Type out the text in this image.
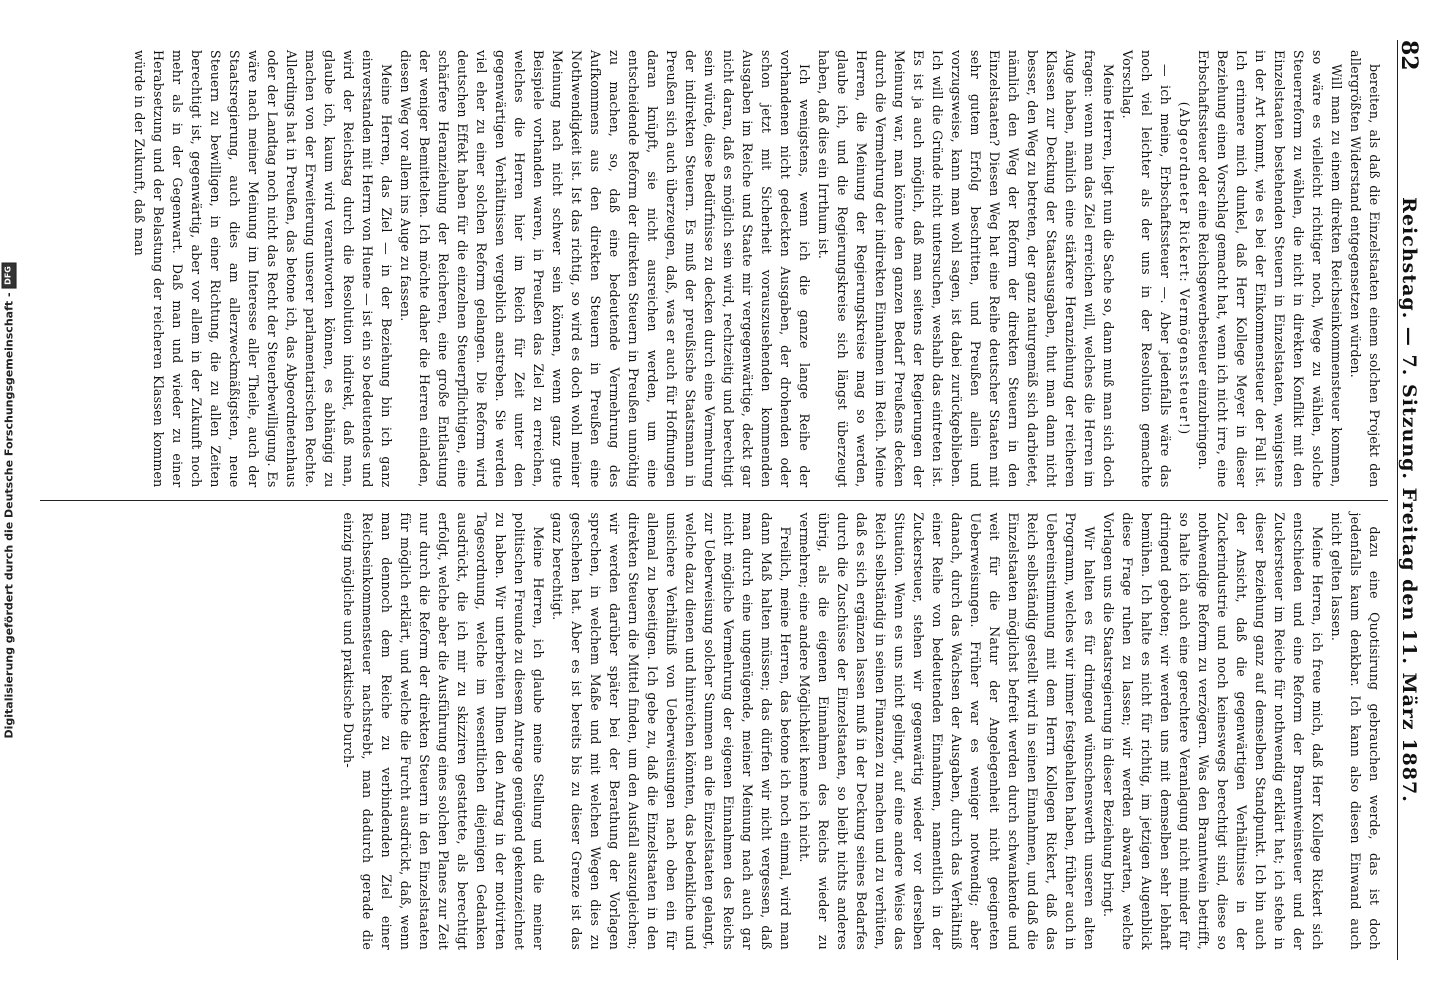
82
Reichstag. — 7. Sitzung. Freitag den 11. März 1887.

bereiten, als daß die Einzelstaaten einem solchen Projekt den allergrößten Widerstand entgegensetzen würden.

Will man zu einem direkten Reichseinkommensteuer kommen, so wäre es vielleicht richtiger noch, Wege zu wählen, solche Steuerreform zu wählen, die nicht in direkten Konflikt mit den Einzelstaaten bestehenden Steuern in Einzelstaaten, wenigstens in der Art kommt, wie es bei der Einkommensteuer der Fall ist. Ich erinnere mich dunkel, daß Herr Kollege Meyer in dieser Beziehung einen Vorschlag gemacht hat, wenn ich nicht irre, eine Erbschaftssteuer oder eine Reichsgewerbesteuer einzubringen.

(Abgeordneter Rickert: Vermögenssteuer!)

— ich meine, Erbschaftssteuer —. Aber jedenfalls wäre das noch viel leichter als der uns in der Resolution gemachte Vorschlag.

Meine Herren, liegt nun die Sache so, dann muß man sich doch fragen: wenn man das Ziel erreichen will, welches die Herren im Auge haben, nämlich eine stärkere Heranziehung der reicheren Klassen zur Deckung der Staatsausgaben, thut man dann nicht besser, den Weg zu betreten, der ganz naturgemäß sich darbietet, nämlich den Weg der Reform der direkten Steuern in den Einzelstaaten? Diesen Weg hat eine Reihe deutscher Staaten mit sehr gutem Erfolg beschritten, und Preußen allein und vorzugsweise, kann man wohl sagen, ist dabei zurückgeblieben. Ich will die Gründe nicht untersuchen, weshalb das eintreten ist. Es ist ja auch möglich, daß man seitens der Regierungen der Meinung war, man könnte den ganzen Bedarf Preußens decken durch die Vermehrung der indirekten Einnahmen im Reich. Meine Herren, die Meinung der Regierungskreise mag so werden, glaube ich, und die Regierungskreise sich längst überzeugt haben, daß dies ein Irrthum ist.

Ich wenigstens, wenn ich die ganze lange Reihe der vorhandenen nicht gedeckten Ausgaben, der drohenden oder schon jetzt mit Sicherheit vorauszusehenden kommenden Ausgaben im Reiche und Staate mir vergegenwärtige, deckt gar nicht daran, daß es möglich sein wird, rechtzeitig und berechtigt sein würde, diese Bedürfnisse zu decken durch eine Vermehrung der indirekten Steuern. Es muß der preußische Staatsmann in Preußen sich auch überzeugen, daß, was er auch für Hoffnungen daran knüpft, sie nicht ausreichen werden, um eine entscheidende Reform der direkten Steuern in Preußen unnöthig zu machen, so, daß eine bedeutende Vermehrung des Aufkommens aus den direkten Steuern in Preußen eine Nothwendigkeit ist. Ist das richtig, so wird es doch wohl meiner Meinung nach nicht schwer sein können, wenn ganz gute Beispiele vorhanden waren, in Preußen das Ziel zu erreichen, welches die Herren hier im Reich für Zeit unter den gegenwärtigen Verhältnissen vergeblich anstreben. Sie werden viel eher zu einer solchen Reform gelangen. Die Reform wird deutschen Effekt haben für die einzelnen Steuerpflichtigen, eine schärfere Heranziehung der Reicheren, eine große Entlastung der weniger Bemittelten. Ich möchte daher die Herren einladen, diesen Weg vor allem ins Auge zu fassen.

Meine Herren, das Ziel — in der Beziehung bin ich ganz einverstanden mit Herrn von Huene — ist ein so bedeutendes und wird der Reichstag durch die Resolution indirekt, daß man, glaube ich, kaum wird verantworten können, es abhängig zu machen von der Erweiterung unserer parlamentarischen Rechte. Allerdings hat in Preußen, das betone ich, das Abgeordnetenhaus oder der Landtag noch nicht das Recht der Steuerbewilligung. Es wäre nach meiner Meinung im Interesse aller Theile, auch der Staatsregierung, auch dies am allerzweckmäßigsten, neue Steuern zu bewilligen, in einer Richtung, die zu allen Zeiten berechtigt ist, gegenwärtig, aber vor allem in der Zukunft noch mehr als in der Gegenwart. Daß man und wieder zu einer Herabsetzung und der Belastung der reicheren Klassen kommen würde in der Zukunft, daß man

dazu eine Quotisirung gebrauchen werde, das ist doch jedenfalls kaum denkbar. Ich kann also diesen Einwand auch nicht gelten lassen.

Meine Herren, ich freue mich, daß Herr Kollege Rickert sich entschieden und eine Reform der Branntweinsteuer und der Zuckersteuer im Reiche für nothwendig erklärt hat; ich stehe in dieser Beziehung ganz auf demselben Standpunkt. Ich bin auch der Ansicht, daß die gegenwärtigen Verhältnisse in der Zuckerindustrie und noch keineswegs berechtigt sind, diese so nothwendige Reform zu verzögern. Was den Branntwein betrifft, so halte ich auch eine gerechtere Veranlagung nicht minder für dringend geboten; wir werden uns mit demselben sehr lebhaft bemühen. Ich halte es nicht für richtig, im jetzigen Augenblick diese Frage ruhen zu lassen; wir werden abwarten, welche Vorlagen uns die Staatsregierung in dieser Beziehung bringt.

Wir halten es für dringend wünschenswerth unseren alten Programm, welches wir immer festgehalten haben, früher auch in Uebereinstimmung mit dem Herrn Kollegen Rickert, daß das Reich selbständig gestellt wird in seinen Einnahmen, und daß die Einzelstaaten möglichst befreit werden durch schwankende und weit für die Natur der Angelegenheit nicht geeigneten Ueberweisungen. Früher war es weniger notwendig; aber danach, durch das Wachsen der Ausgaben, durch das Verhältniß einer Reihe von bedeutenden Einnahmen, namentlich in der Zuckersteuer, stehen wir gegenwärtig wieder vor derselben Situation. Wenn es uns nicht gelingt, auf eine andere Weise das Reich selbständig in seinen Finanzen zu machen und zu verhüten, daß es sich ergänzen lassen muß in der Deckung seines Bedarfes durch die Zuschüsse der Einzelstaaten, so bleibt nichts anderes übrig, als die eigenen Einnahmen des Reichs wieder zu vermehren; eine andere Möglichkeit kenne ich nicht.

Freilich, meine Herren, das betone ich noch einmal, wird man dann Maß halten müssen; das dürfen wir nicht vergessen, daß man durch eine ungenügende, meiner Meinung nach auch gar nicht mögliche Vermehrung der eigenen Einnahmen des Reichs zur Ueberweisung solcher Summen an die Einzelstaaten gelangt, welche dazu dienen und hinreichen könnten, das bedenkliche und unsichere Verhältniß von Ueberweisungen nach oben ein für allemal zu beseitigen. Ich gebe zu, daß die Einzelstaaten in den direkten Steuern die Mittel finden, um den Ausfall auszugleichen; wir werden darüber später bei der Berathung der Vorlagen sprechen, in welchem Maße und mit welchen Wegen dies zu geschehen hat. Aber es ist bereits bis zu dieser Grenze ist das ganz berechtigt.

Meine Herren, ich glaube meine Stellung und die meiner politischen Freunde zu diesem Antrage genügend gekennzeichnet zu haben. Wir unterbreiten Ihnen den Antrag in der motivirten Tagesordnung, welche im wesentlichen diejenigen Gedanken ausdrückt, die ich mir zu skizziren gestattete, als berechtigt erfolgt, welche aber die Ausführung eines solchen Planes zur Zeit nur durch die Reform der direkten Steuern in den Einzelstaaten für möglich erklärt, und welche die Furcht ausdrückt, daß, wenn man dennoch dem Reiche zu verbindenden Ziel einer Reichseinkommensteuer nachstrebt, man dadurch gerade die einzig mögliche und praktische Durch-

Digitalisierung gefördert durch die Deutsche Forschungsgemeinschaft -
DFG
